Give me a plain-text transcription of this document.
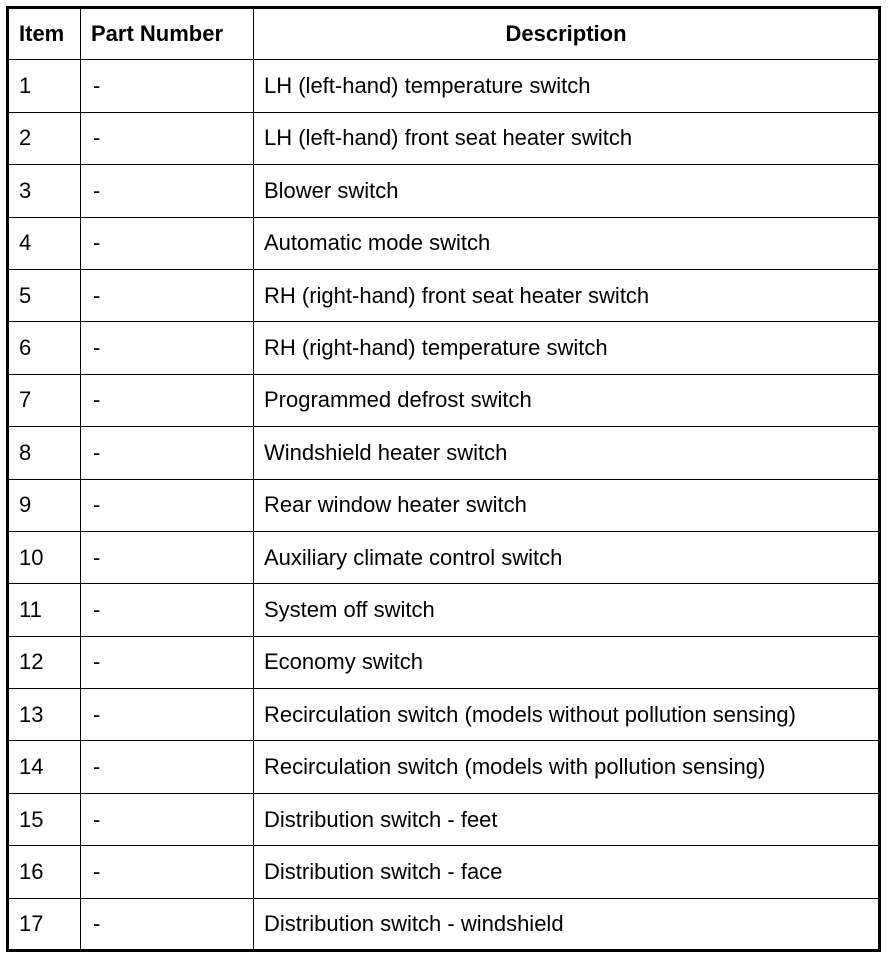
Item	Part Number	Description
1	-	LH (left-hand) temperature switch
2	-	LH (left-hand) front seat heater switch
3	-	Blower switch
4	-	Automatic mode switch
5	-	RH (right-hand) front seat heater switch
6	-	RH (right-hand) temperature switch
7	-	Programmed defrost switch
8	-	Windshield heater switch
9	-	Rear window heater switch
10	-	Auxiliary climate control switch
11	-	System off switch
12	-	Economy switch
13	-	Recirculation switch (models without pollution sensing)
14	-	Recirculation switch (models with pollution sensing)
15	-	Distribution switch - feet
16	-	Distribution switch - face
17	-	Distribution switch - windshield
